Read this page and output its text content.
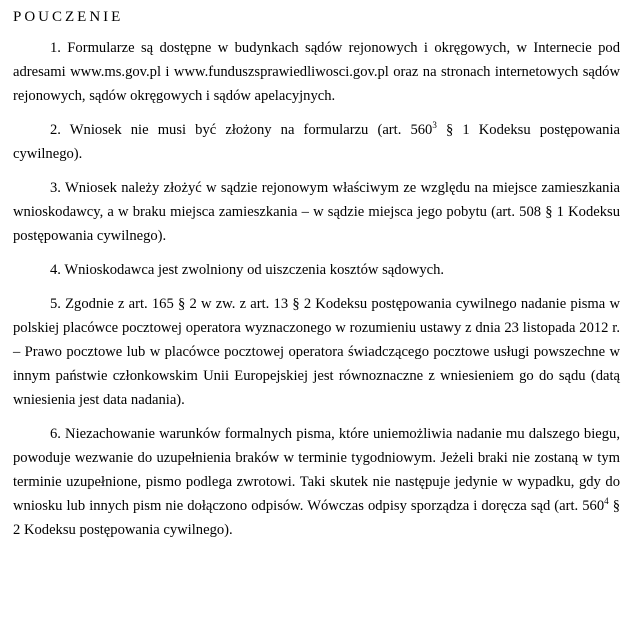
POUCZENIE

1. Formularze są dostępne w budynkach sądów rejonowych i okręgowych, w Internecie pod adresami www.ms.gov.pl i www.funduszsprawiedliwosci.gov.pl oraz na stronach internetowych sądów rejonowych, sądów okręgowych i sądów apelacyjnych.

2. Wniosek nie musi być złożony na formularzu (art. $560^3$ § 1 Kodeksu postępowania cywilnego).

3. Wniosek należy złożyć w sądzie rejonowym właściwym ze względu na miejsce zamieszkania wnioskodawcy, a w braku miejsca zamieszkania – w sądzie miejsca jego pobytu (art. 508 § 1 Kodeksu postępowania cywilnego).

4. Wnioskodawca jest zwolniony od uiszczenia kosztów sądowych.

5. Zgodnie z art. 165 § 2 w zw. z art. 13 § 2 Kodeksu postępowania cywilnego nadanie pisma w polskiej placówce pocztowej operatora wyznaczonego w rozumieniu ustawy z dnia 23 listopada 2012 r. – Prawo pocztowe lub w placówce pocztowej operatora świadczącego pocztowe usługi powszechne w innym państwie członkowskim Unii Europejskiej jest równoznaczne z wniesieniem go do sądu (datą wniesienia jest data nadania).

6. Niezachowanie warunków formalnych pisma, które uniemożliwia nadanie mu dalszego biegu, powoduje wezwanie do uzupełnienia braków w terminie tygodniowym. Jeżeli braki nie zostaną w tym terminie uzupełnione, pismo podlega zwrotowi. Taki skutek nie następuje jedynie w wypadku, gdy do wniosku lub innych pism nie dołączono odpisów. Wówczas odpisy sporządza i doręcza sąd (art. $560^4$ § 2 Kodeksu postępowania cywilnego).
